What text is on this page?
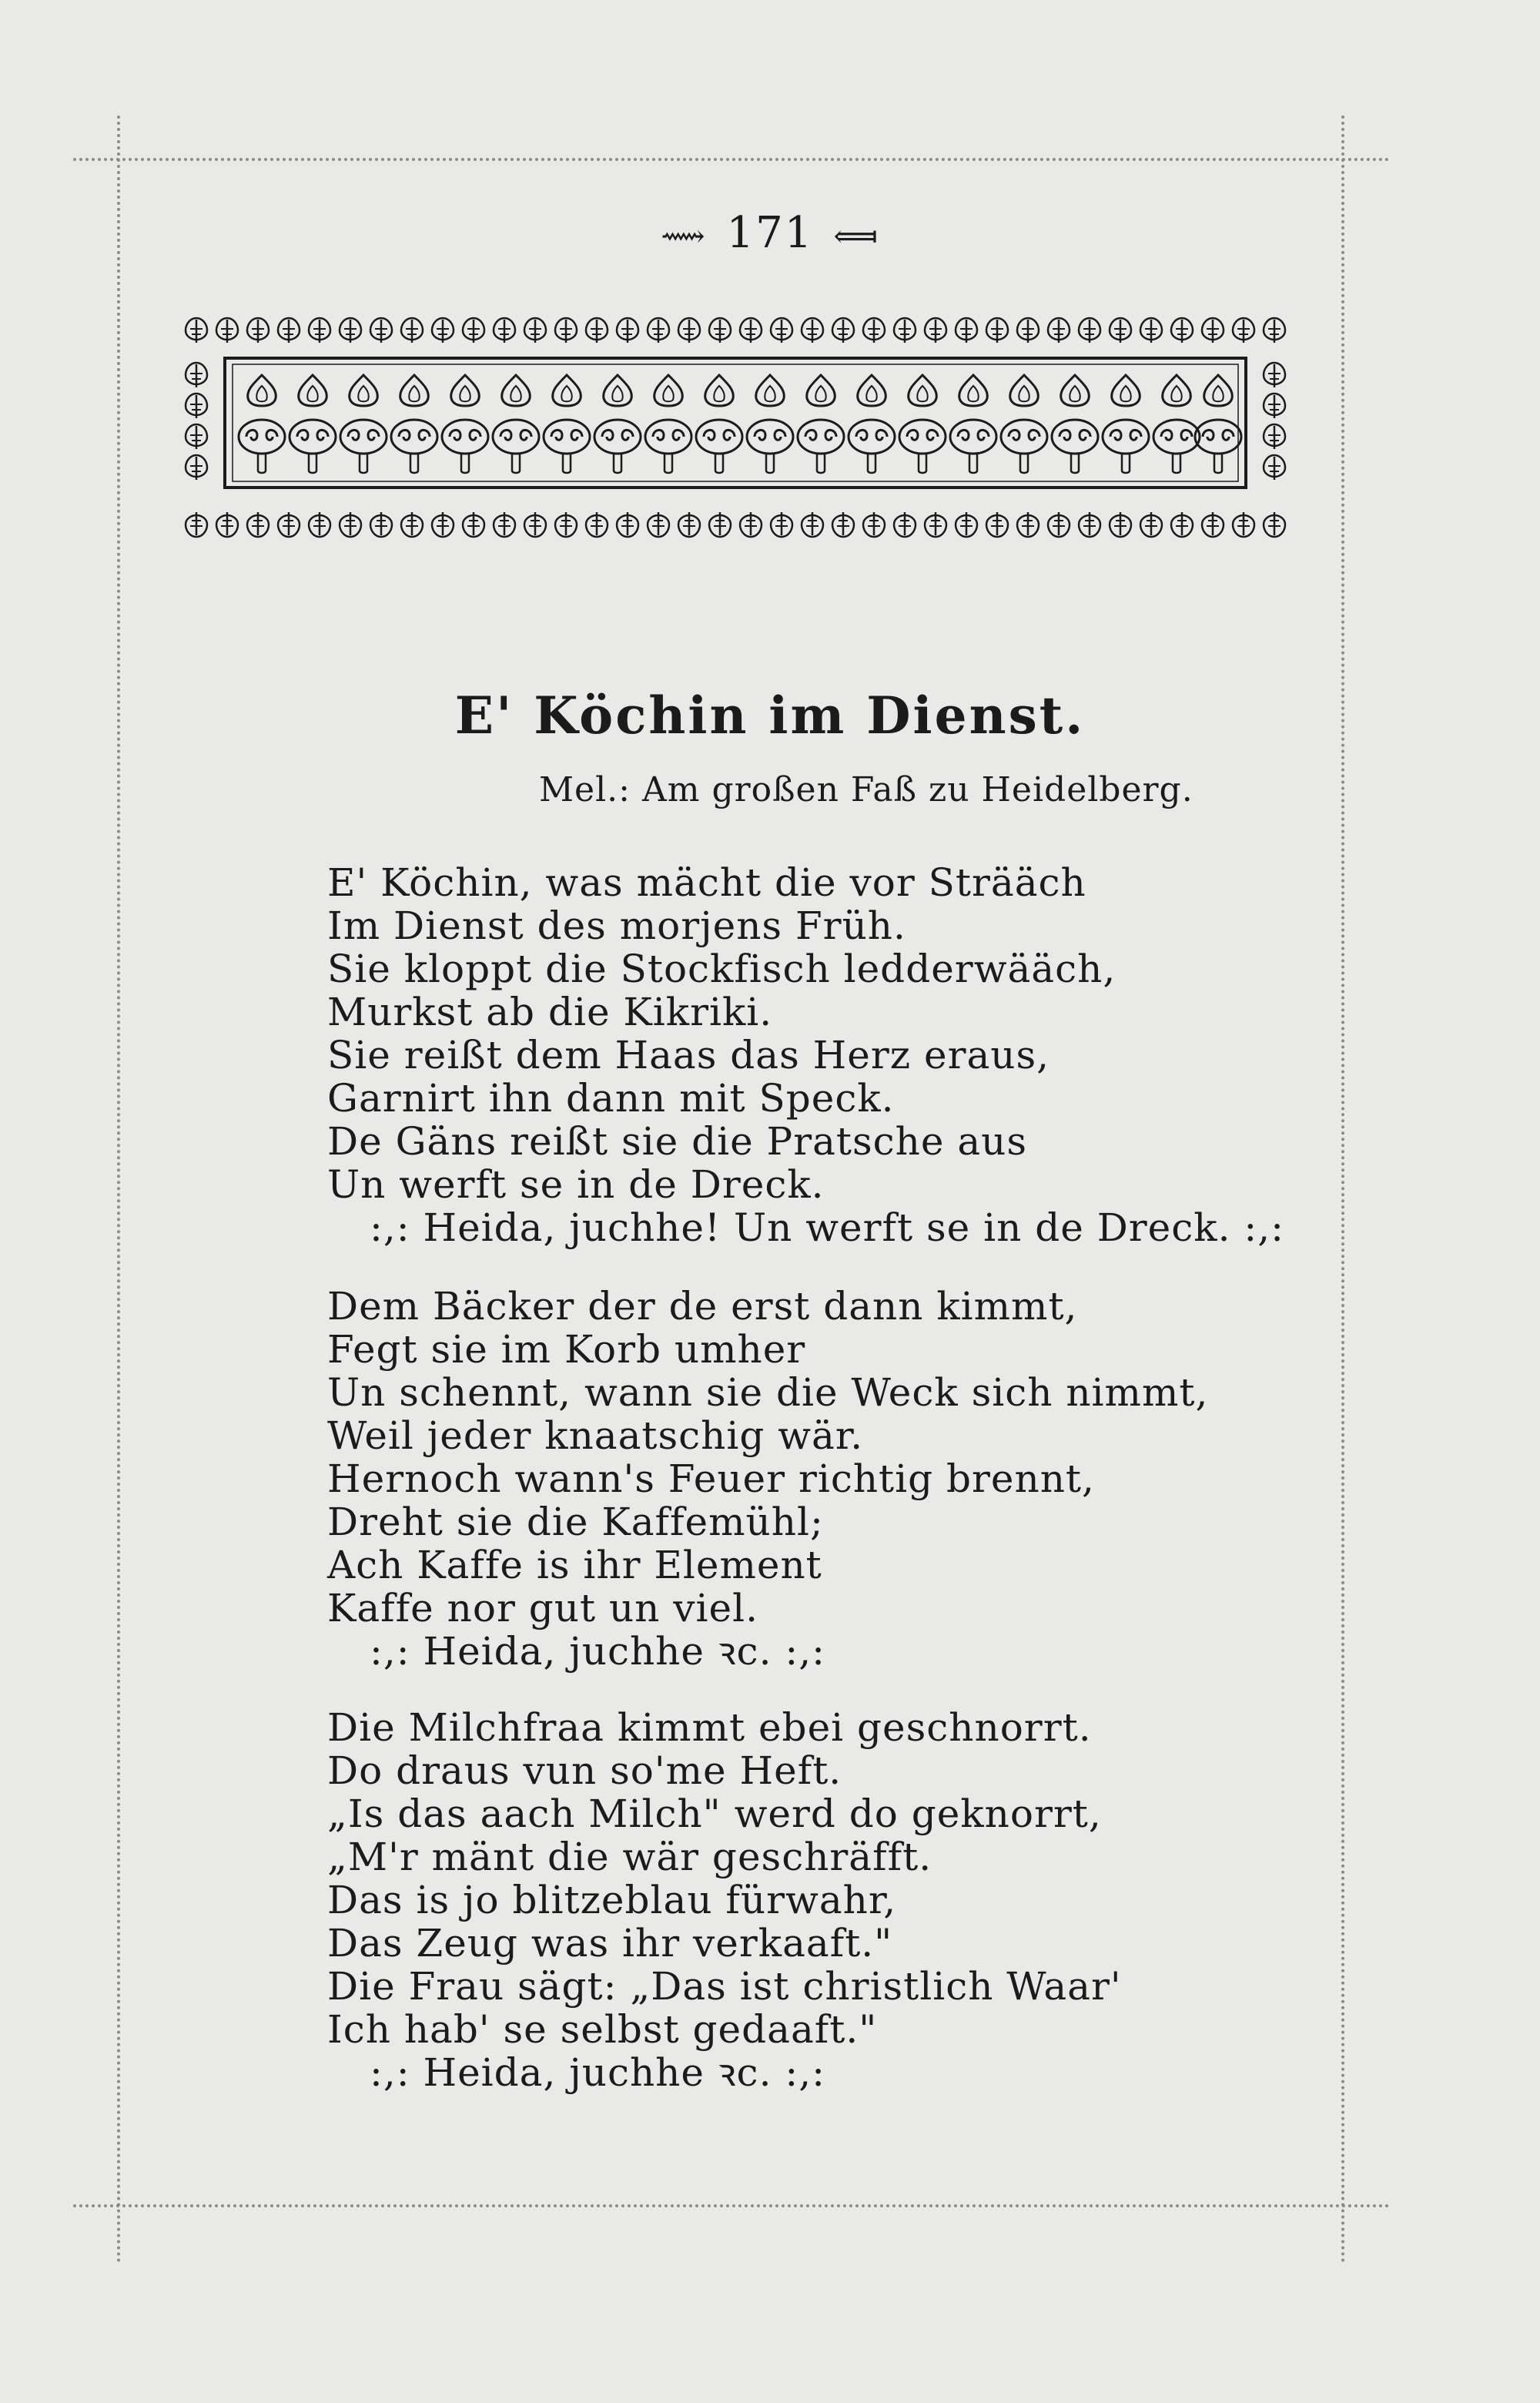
⟿ 171 ⟽
E' Köchin im Dienst.
Mel.: Am großen Faß zu Heidelberg.
E' Köchin, was mächt die vor Strääch
Im Dienst des morjens Früh.
Sie kloppt die Stockfisch ledderwääch,
Murkst ab die Kikriki.
Sie reißt dem Haas das Herz eraus,
Garnirt ihn dann mit Speck.
De Gäns reißt sie die Pratsche aus
Un werft se in de Dreck.
:,: Heida, juchhe! Un werft se in de Dreck. :,:
Dem Bäcker der de erst dann kimmt,
Fegt sie im Korb umher
Un schennt, wann sie die Weck sich nimmt,
Weil jeder knaatschig wär.
Hernoch wann's Feuer richtig brennt,
Dreht sie die Kaffemühl;
Ach Kaffe is ihr Element
Kaffe nor gut un viel.
:,: Heida, juchhe ꝛc. :,:
Die Milchfraa kimmt ebei geschnorrt.
Do draus vun so'me Heft.
„Is das aach Milch" werd do geknorrt,
„M'r mänt die wär geschräfft.
Das is jo blitzeblau fürwahr,
Das Zeug was ihr verkaaft."
Die Frau sägt: „Das ist christlich Waar'
Ich hab' se selbst gedaaft."
:,: Heida, juchhe ꝛc. :,:
